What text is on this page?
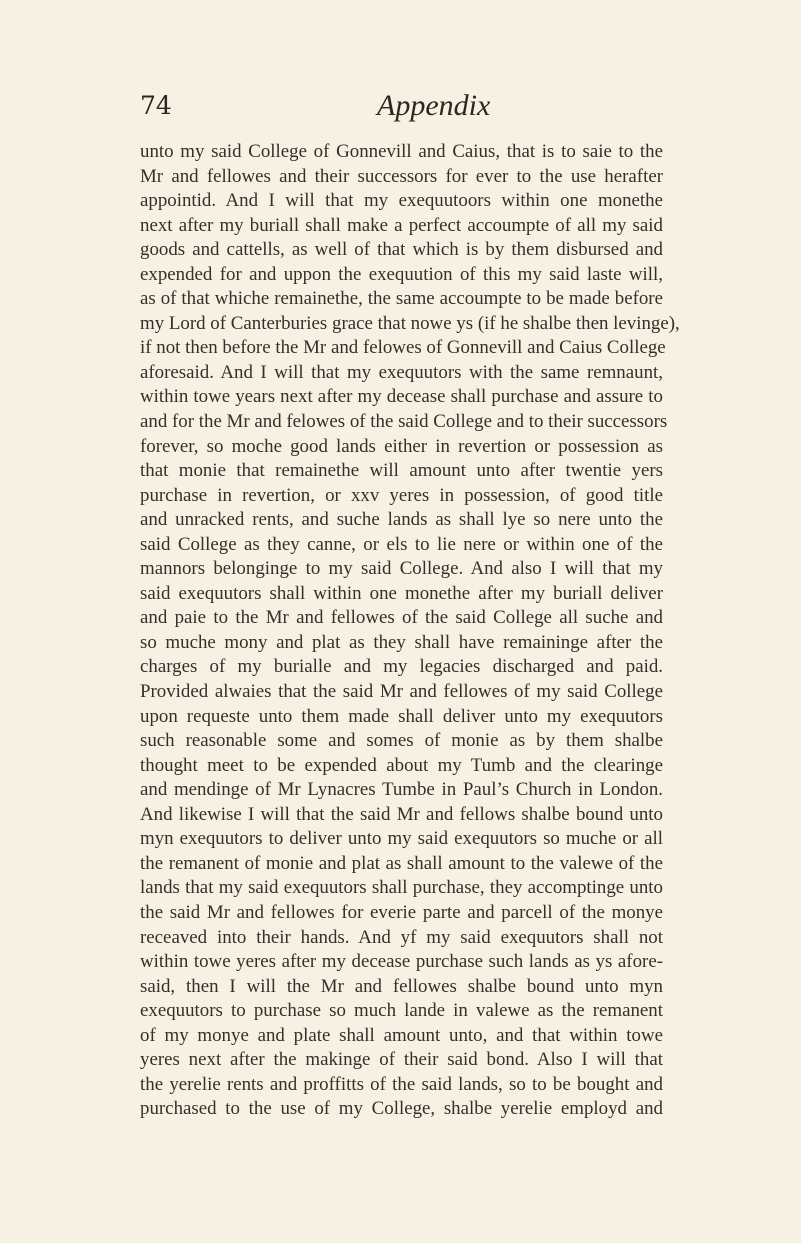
74	Appendix
unto my said College of Gonnevill and Caius, that is to saie to the
Mr and fellowes and their successors for ever to the use herafter
appointid. And I will that my exequutoors within one monethe
next after my buriall shall make a perfect accoumpte of all my said
goods and cattells, as well of that which is by them disbursed and
expended for and uppon the exequution of this my said laste will,
as of that whiche remainethe, the same accoumpte to be made before
my Lord of Canterburies grace that nowe ys (if he shalbe then levinge),
if not then before the Mr and felowes of Gonnevill and Caius College
aforesaid. And I will that my exequutors with the same remnaunt,
within towe years next after my decease shall purchase and assure to
and for the Mr and felowes of the said College and to their successors
forever, so moche good lands either in revertion or possession as
that monie that remainethe will amount unto after twentie yers
purchase in revertion, or xxv yeres in possession, of good title
and unracked rents, and suche lands as shall lye so nere unto the
said College as they canne, or els to lie nere or within one of the
mannors belonginge to my said College. And also I will that my
said exequutors shall within one monethe after my buriall deliver
and paie to the Mr and fellowes of the said College all suche and
so muche mony and plat as they shall have remaininge after the
charges of my burialle and my legacies discharged and paid.
Provided alwaies that the said Mr and fellowes of my said College
upon requeste unto them made shall deliver unto my exequutors
such reasonable some and somes of monie as by them shalbe
thought meet to be expended about my Tumb and the clearinge
and mendinge of Mr Lynacres Tumbe in Paul’s Church in London.
And likewise I will that the said Mr and fellows shalbe bound unto
myn exequutors to deliver unto my said exequutors so muche or all
the remanent of monie and plat as shall amount to the valewe of the
lands that my said exequutors shall purchase, they accomptinge unto
the said Mr and fellowes for everie parte and parcell of the monye
receaved into their hands. And yf my said exequutors shall not
within towe yeres after my decease purchase such lands as ys afore-
said, then I will the Mr and fellowes shalbe bound unto myn
exequutors to purchase so much lande in valewe as the remanent
of my monye and plate shall amount unto, and that within towe
yeres next after the makinge of their said bond. Also I will that
the yerelie rents and proffitts of the said lands, so to be bought and
purchased to the use of my College, shalbe yerelie employd and
